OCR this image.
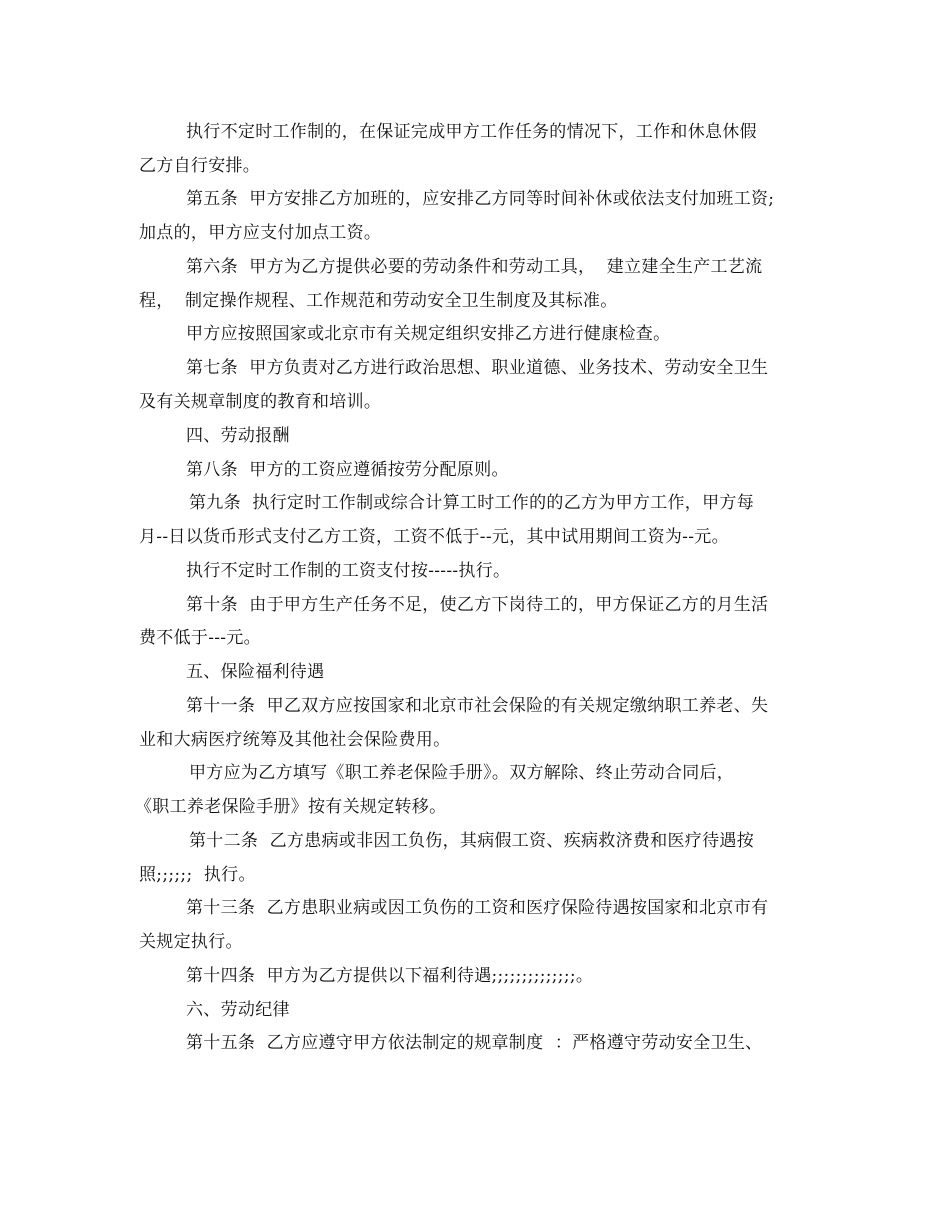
执行不定时工作制的，在保证完成甲方工作任务的情况下，工作和休息休假
乙方自行安排。
第五条  甲方安排乙方加班的，应安排乙方同等时间补休或依法支付加班工资;
加点的，甲方应支付加点工资。
第六条  甲方为乙方提供必要的劳动条件和劳动工具，  建立建全生产工艺流
程，  制定操作规程、工作规范和劳动安全卫生制度及其标准。
甲方应按照国家或北京市有关规定组织安排乙方进行健康检查。
第七条  甲方负责对乙方进行政治思想、职业道德、业务技术、劳动安全卫生
及有关规章制度的教育和培训。
四、劳动报酬
第八条  甲方的工资应遵循按劳分配原则。
第九条  执行定时工作制或综合计算工时工作的的乙方为甲方工作，甲方每
月--日以货币形式支付乙方工资，工资不低于--元，其中试用期间工资为--元。
执行不定时工作制的工资支付按-----执行。
第十条  由于甲方生产任务不足，使乙方下岗待工的，甲方保证乙方的月生活
费不低于---元。
五、保险福利待遇
第十一条  甲乙双方应按国家和北京市社会保险的有关规定缴纳职工养老、失
业和大病医疗统筹及其他社会保险费用。
甲方应为乙方填写《职工养老保险手册》。双方解除、终止劳动合同后，
《职工养老保险手册》按有关规定转移。
第十二条  乙方患病或非因工负伤，其病假工资、疾病救济费和医疗待遇按
照;;;;;;  执行。
第十三条  乙方患职业病或因工负伤的工资和医疗保险待遇按国家和北京市有
关规定执行。
第十四条  甲方为乙方提供以下福利待遇;;;;;;;;;;;;;;。
六、劳动纪律
第十五条  乙方应遵守甲方依法制定的规章制度  ：严格遵守劳动安全卫生、
